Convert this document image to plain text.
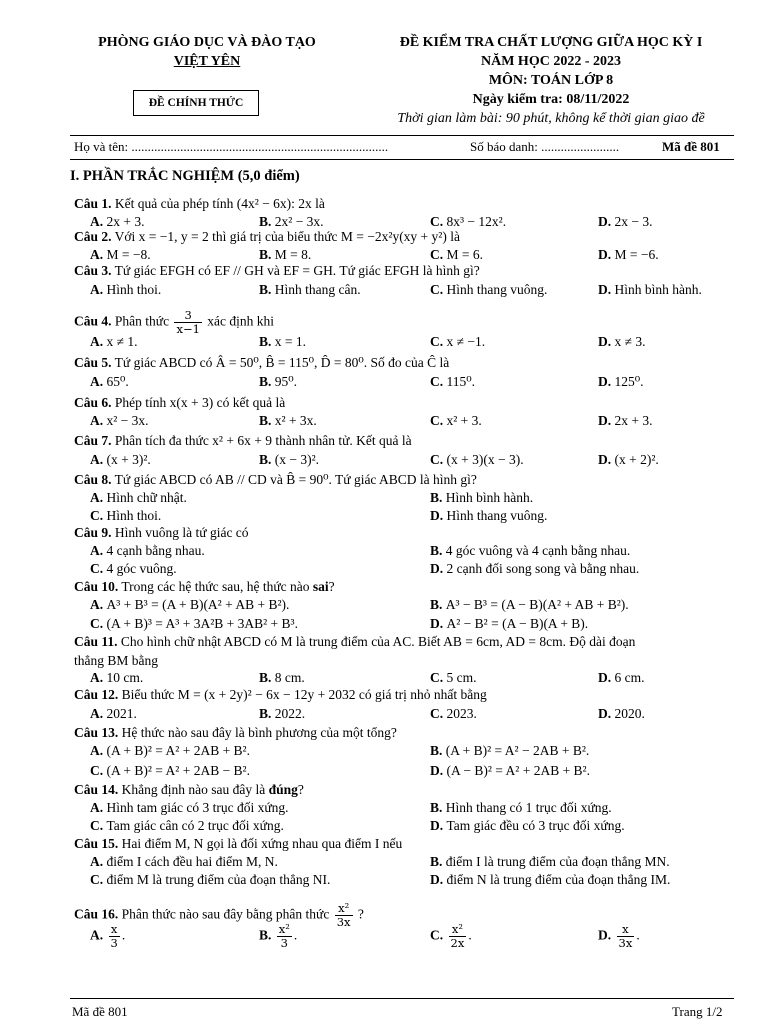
PHÒNG GIÁO DỤC VÀ ĐÀO TẠO
VIỆT YÊN
ĐỀ CHÍNH THỨC
ĐỀ KIỂM TRA CHẤT LƯỢNG GIỮA HỌC KỲ I
NĂM HỌC 2022 - 2023
MÔN: TOÁN LỚP 8
Ngày kiểm tra: 08/11/2022
Thời gian làm bài: 90 phút, không kể thời gian giao đề
Họ và tên: ...............................................................................	Số báo danh: ........................	Mã đề 801
I. PHẦN TRẮC NGHIỆM (5,0 điểm)
Câu 1. Kết quả của phép tính (4x² − 6x): 2x là
A. 2x + 3.	B. 2x² − 3x.	C. 8x³ − 12x².	D. 2x − 3.
Câu 2. Với x = −1, y = 2 thì giá trị của biểu thức M = −2x²y(xy + y²) là
A. M = −8.	B. M = 8.	C. M = 6.	D. M = −6.
Câu 3. Tứ giác EFGH có EF // GH và EF = GH. Tứ giác EFGH là hình gì?
A. Hình thoi.	B. Hình thang cân.	C. Hình thang vuông.	D. Hình bình hành.
Câu 4. Phân thức $\frac{3}{x-1}$ xác định khi
A. x ≠ 1.	B. x = 1.	C. x ≠ −1.	D. x ≠ 3.
Câu 5. Tứ giác ABCD có Â = 50⁰, B̂ = 115⁰, D̂ = 80⁰. Số đo của Ĉ là
A. 65⁰.	B. 95⁰.	C. 115⁰.	D. 125⁰.
Câu 6. Phép tính x(x + 3) có kết quả là
A. x² − 3x.	B. x² + 3x.	C. x² + 3.	D. 2x + 3.
Câu 7. Phân tích đa thức x² + 6x + 9 thành nhân tử. Kết quả là
A. (x + 3)².	B. (x − 3)².	C. (x + 3)(x − 3).	D. (x + 2)².
Câu 8. Tứ giác ABCD có AB // CD và B̂ = 90⁰. Tứ giác ABCD là hình gì?
A. Hình chữ nhật.	B. Hình bình hành.
C. Hình thoi.	D. Hình thang vuông.
Câu 9. Hình vuông là tứ giác có
A. 4 cạnh bằng nhau.	B. 4 góc vuông và 4 cạnh bằng nhau.
C. 4 góc vuông.	D. 2 cạnh đối song song và bằng nhau.
Câu 10. Trong các hệ thức sau, hệ thức nào sai?
A. A³ + B³ = (A + B)(A² + AB + B²).	B. A³ − B³ = (A − B)(A² + AB + B²).
C. (A + B)³ = A³ + 3A²B + 3AB² + B³.	D. A² − B² = (A − B)(A + B).
Câu 11. Cho hình chữ nhật ABCD có M là trung điểm của AC. Biết AB = 6cm, AD = 8cm. Độ dài đoạn
thẳng BM bằng
A. 10 cm.	B. 8 cm.	C. 5 cm.	D. 6 cm.
Câu 12. Biểu thức M = (x + 2y)² − 6x − 12y + 2032 có giá trị nhỏ nhất bằng
A. 2021.	B. 2022.	C. 2023.	D. 2020.
Câu 13. Hệ thức nào sau đây là bình phương của một tổng?
A. (A + B)² = A² + 2AB + B².	B. (A + B)² = A² − 2AB + B².
C. (A + B)² = A² + 2AB − B².	D. (A − B)² = A² + 2AB + B².
Câu 14. Khẳng định nào sau đây là đúng?
A. Hình tam giác có 3 trục đối xứng.	B. Hình thang có 1 trục đối xứng.
C. Tam giác cân có 2 trục đối xứng.	D. Tam giác đều có 3 trục đối xứng.
Câu 15. Hai điểm M, N gọi là đối xứng nhau qua điểm I nếu
A. điểm I cách đều hai điểm M, N.	B. điểm I là trung điểm của đoạn thẳng MN.
C. điểm M là trung điểm của đoạn thẳng NI.	D. điểm N là trung điểm của đoạn thẳng IM.
Câu 16. Phân thức nào sau đây bằng phân thức $\frac{\text{x²}}{3x}$ ?
A. $\frac{x}{3}$ .	B. $\frac{\text{x²}}{3}$ .	C. $\frac{\text{x²}}{2x}$ .	D. $\frac{x}{3x}$ .
Mã đề 801	Trang 1/2
